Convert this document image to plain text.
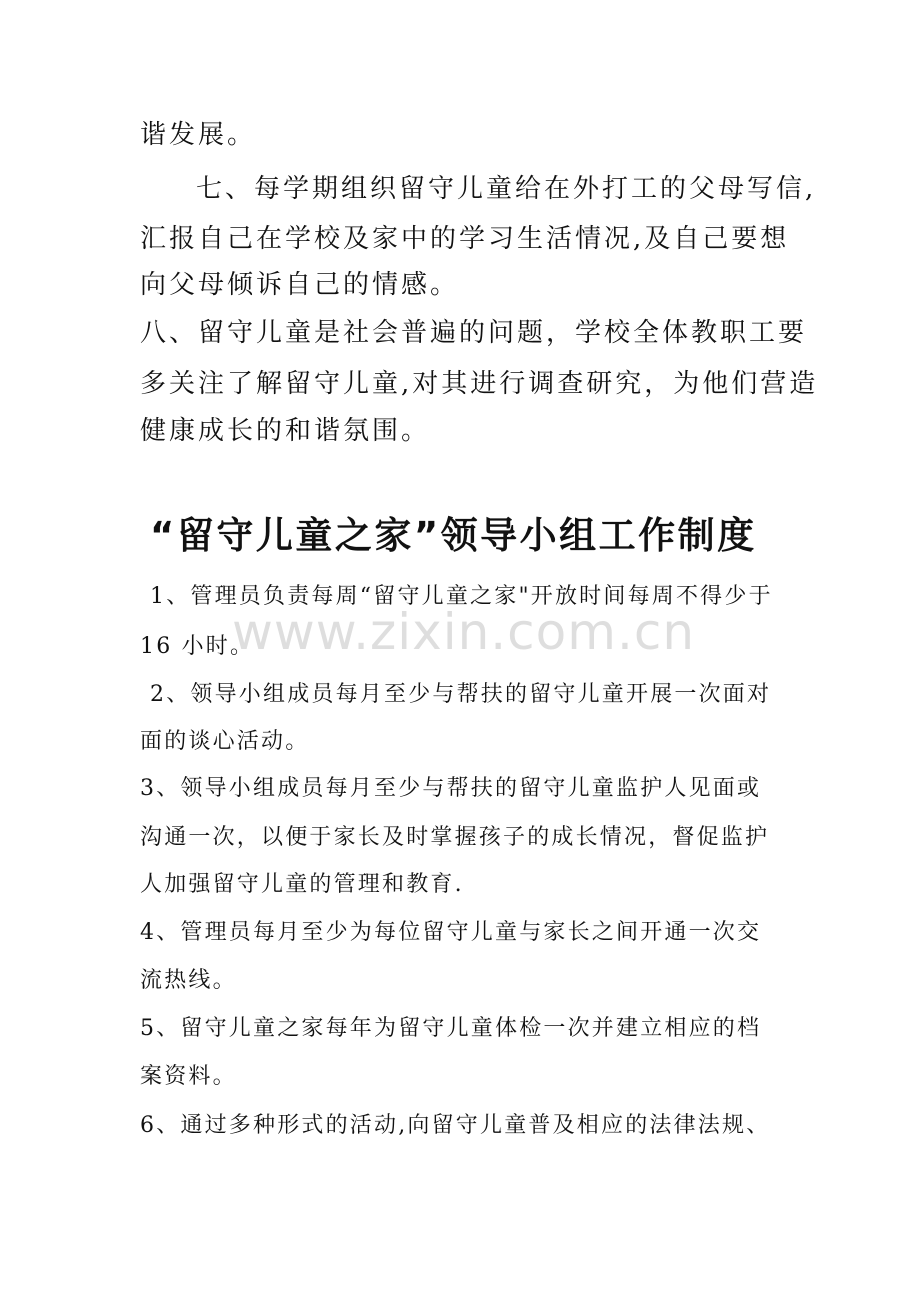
谐发展。
七、每学期组织留守儿童给在外打工的父母写信,
汇报自己在学校及家中的学习生活情况,及自己要想
向父母倾诉自己的情感。
八、留守儿童是社会普遍的问题，学校全体教职工要
多关注了解留守儿童,对其进行调查研究，为他们营造
健康成长的和谐氛围。
“留守儿童之家”领导小组工作制度
www.zixin.com.cn
1、管理员负责每周“留守儿童之家"开放时间每周不得少于
16 小时。
2、领导小组成员每月至少与帮扶的留守儿童开展一次面对
面的谈心活动。
3、领导小组成员每月至少与帮扶的留守儿童监护人见面或
沟通一次，以便于家长及时掌握孩子的成长情况，督促监护
人加强留守儿童的管理和教育.
4、管理员每月至少为每位留守儿童与家长之间开通一次交
流热线。
5、留守儿童之家每年为留守儿童体检一次并建立相应的档
案资料。
6、通过多种形式的活动,向留守儿童普及相应的法律法规、
